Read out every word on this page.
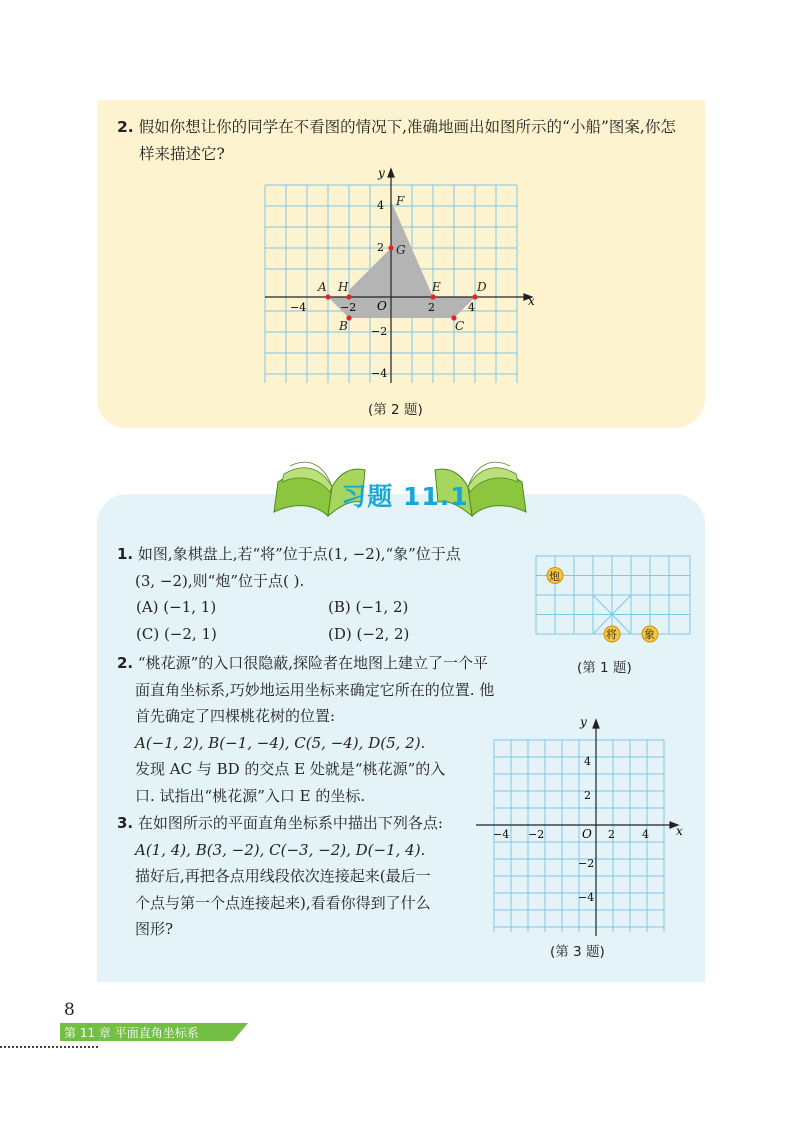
2. 假如你想让你的同学在不看图的情况下,准确地画出如图所示的“小船”图案,你怎
样来描述它?
x
y
O
−4	−2	2	4
4
2
−2
−4
A H
B	C
D
E
F
G
(第 2 题)
习题 11.1
1. 如图,象棋盘上,若“将”位于点(1, −2),“象”位于点
(3, −2),则“炮”位于点( ).
(A) (−1, 1)	(B) (−1, 2)
(C) (−2, 1)	(D) (−2, 2)
炮
将 象
(第 1 题)
2. “桃花源”的入口很隐蔽,探险者在地图上建立了一个平
面直角坐标系,巧妙地运用坐标来确定它所在的位置. 他
首先确定了四棵桃花树的位置:
A(−1, 2), B(−1, −4), C(5, −4), D(5, 2).
发现 AC 与 BD 的交点 E 处就是“桃花源”的入
口. 试指出“桃花源”入口 E 的坐标.
3. 在如图所示的平面直角坐标系中描出下列各点:
A(1, 4), B(3, −2), C(−3, −2), D(−1, 4).
描好后,再把各点用线段依次连接起来(最后一
个点与第一个点连接起来),看看你得到了什么
图形?
x
y
O
−4 −2	2 4
4
2
−2
−4
(第 3 题)
8
第 11 章 平面直角坐标系
